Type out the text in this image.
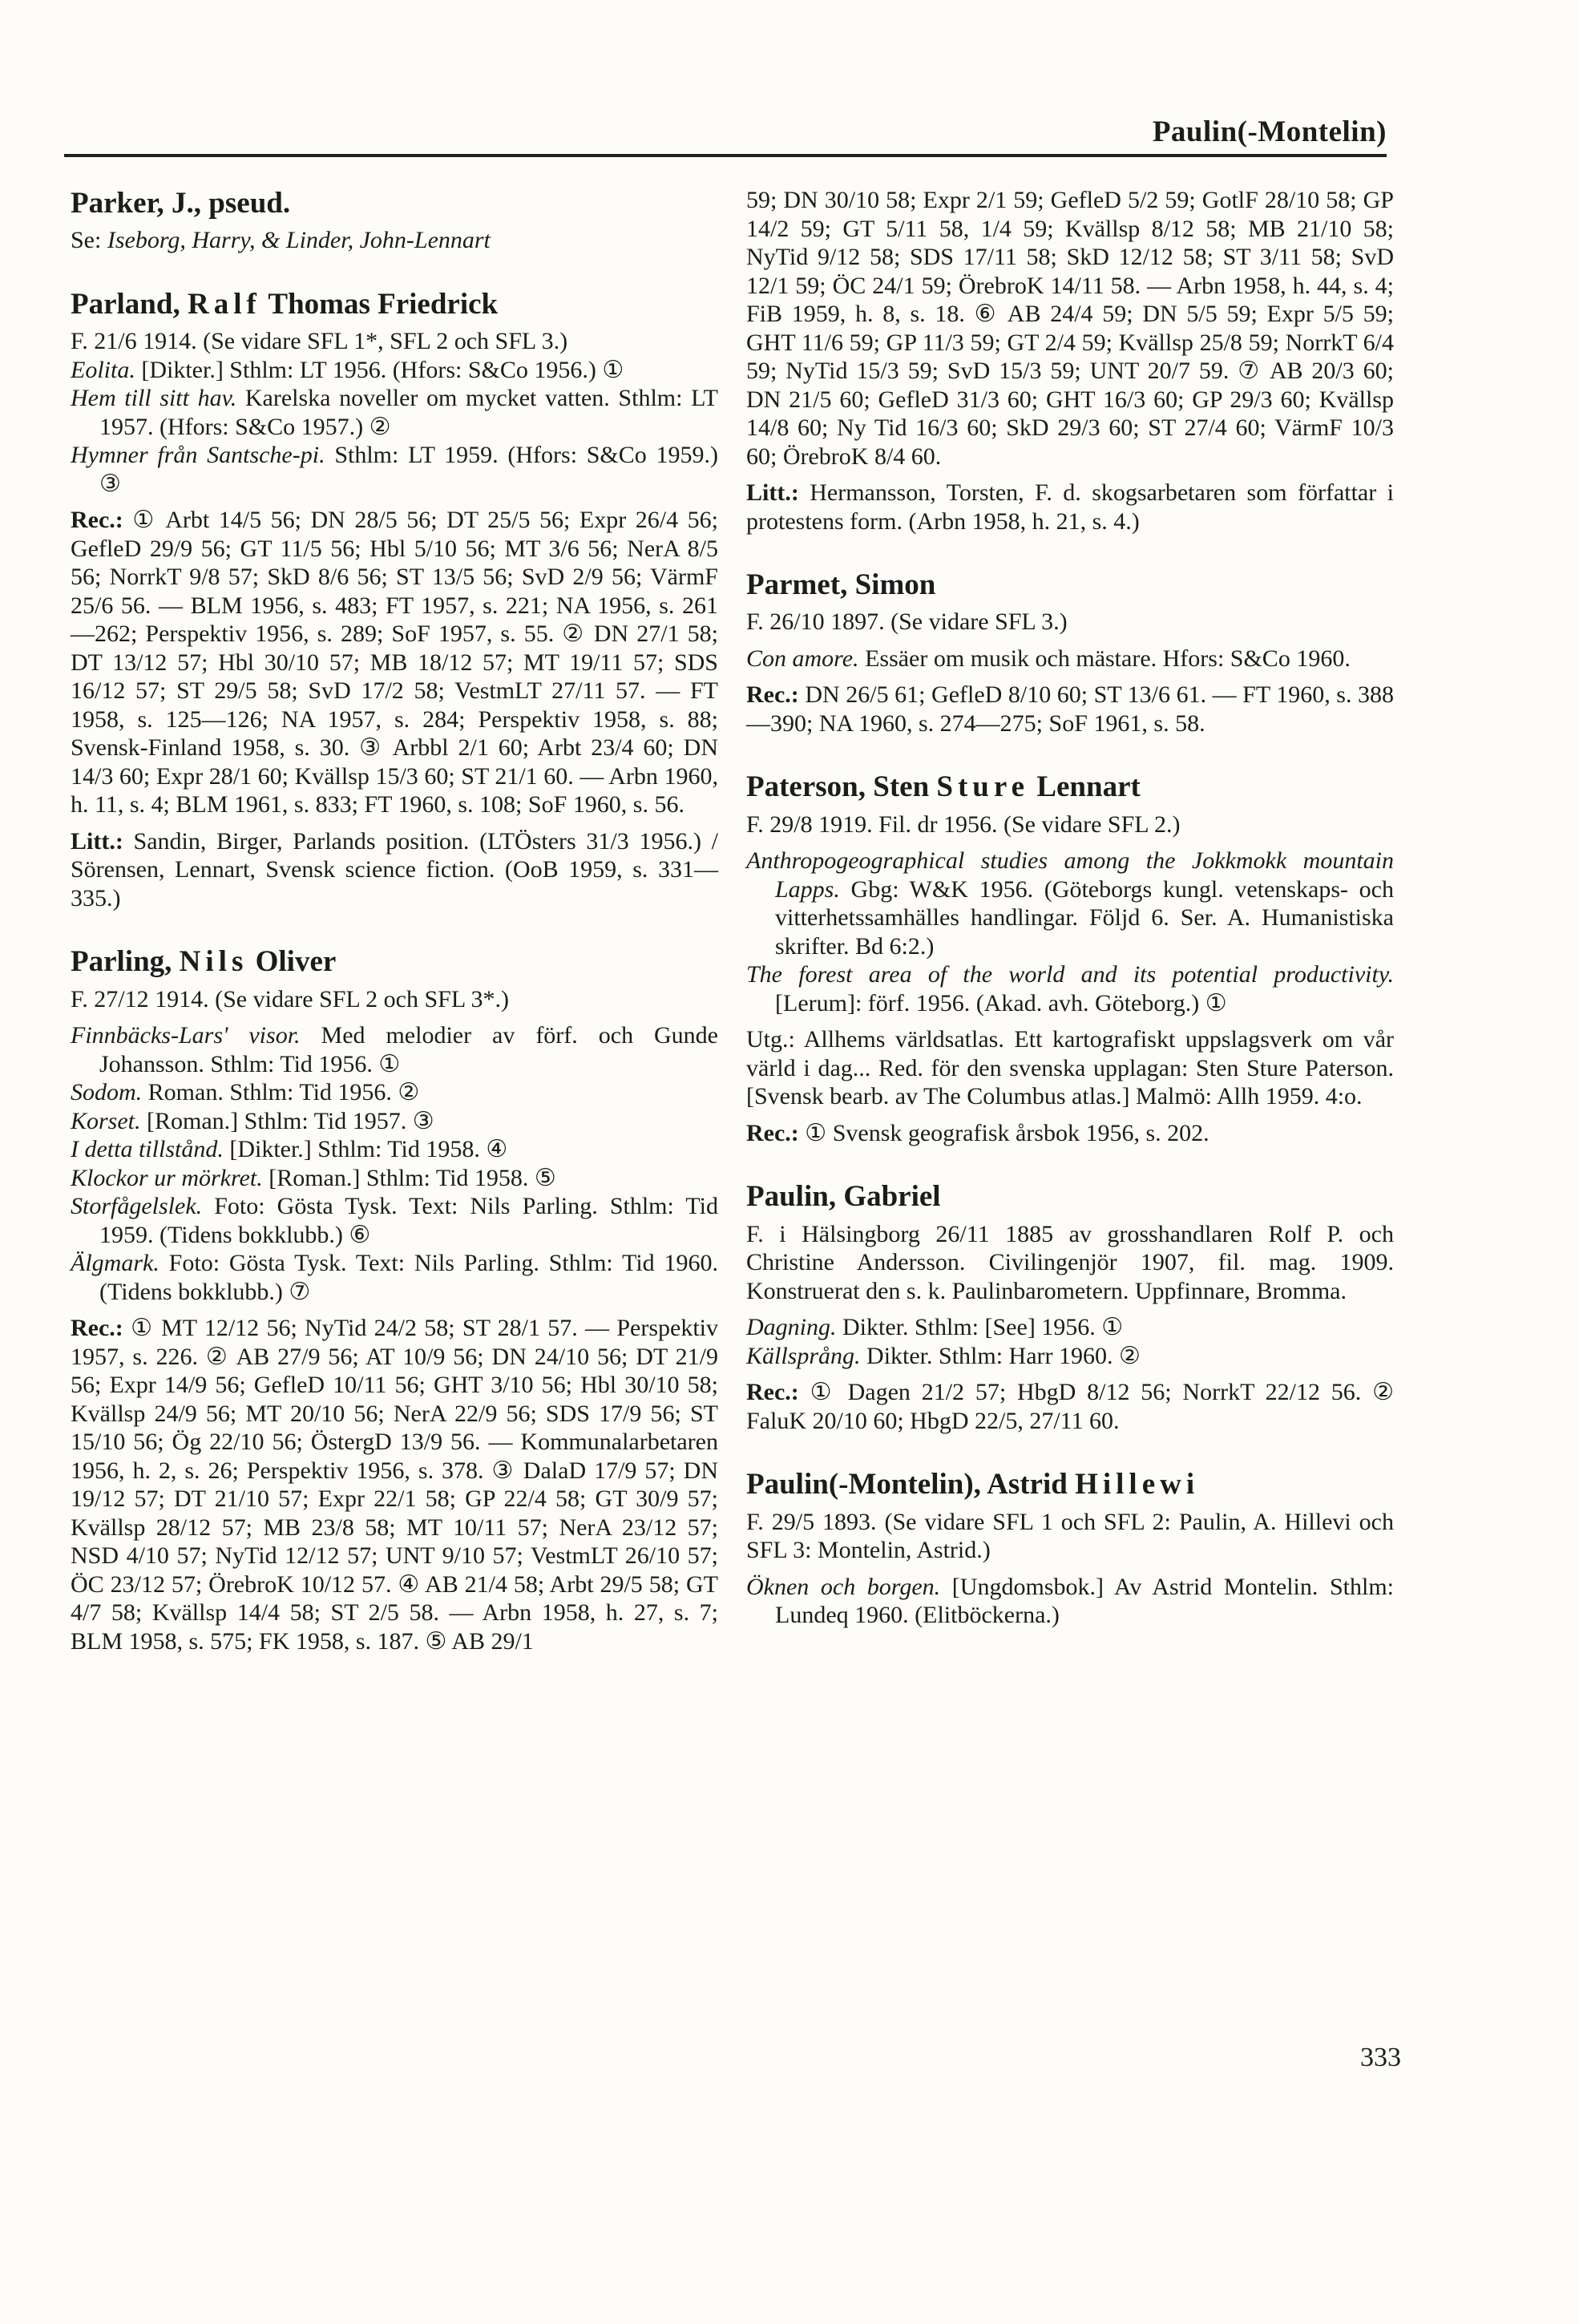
Paulin(-Montelin)
Parker, J., pseud.

Se: Iseborg, Harry, & Linder, John-Lennart

Parland, Ralf Thomas Friedrick

F. 21/6 1914. (Se vidare SFL 1*, SFL 2 och SFL 3.)

Eolita. [Dikter.] Sthlm: LT 1956. (Hfors: S&Co 1956.) ①

Hem till sitt hav. Karelska noveller om mycket vatten. Sthlm: LT 1957. (Hfors: S&Co 1957.) ②

Hymner från Santsche-pi. Sthlm: LT 1959. (Hfors: S&Co 1959.) ③

Rec.: ① Arbt 14/5 56; DN 28/5 56; DT 25/5 56; Expr 26/4 56; GefleD 29/9 56; GT 11/5 56; Hbl 5/10 56; MT 3/6 56; NerA 8/5 56; NorrkT 9/8 57; SkD 8/6 56; ST 13/5 56; SvD 2/9 56; VärmF 25/6 56. — BLM 1956, s. 483; FT 1957, s. 221; NA 1956, s. 261—262; Perspektiv 1956, s. 289; SoF 1957, s. 55. ② DN 27/1 58; DT 13/12 57; Hbl 30/10 57; MB 18/12 57; MT 19/11 57; SDS 16/12 57; ST 29/5 58; SvD 17/2 58; VestmLT 27/11 57. — FT 1958, s. 125—126; NA 1957, s. 284; Perspektiv 1958, s. 88; Svensk-Finland 1958, s. 30. ③ Arbbl 2/1 60; Arbt 23/4 60; DN 14/3 60; Expr 28/1 60; Kvällsp 15/3 60; ST 21/1 60. — Arbn 1960, h. 11, s. 4; BLM 1961, s. 833; FT 1960, s. 108; SoF 1960, s. 56.

Litt.: Sandin, Birger, Parlands position. (LTÖsters 31/3 1956.) / Sörensen, Lennart, Svensk science fiction. (OoB 1959, s. 331—335.)

Parling, Nils Oliver

F. 27/12 1914. (Se vidare SFL 2 och SFL 3*.)

Finnbäcks-Lars' visor. Med melodier av förf. och Gunde Johansson. Sthlm: Tid 1956. ①

Sodom. Roman. Sthlm: Tid 1956. ②

Korset. [Roman.] Sthlm: Tid 1957. ③

I detta tillstånd. [Dikter.] Sthlm: Tid 1958. ④

Klockor ur mörkret. [Roman.] Sthlm: Tid 1958. ⑤

Storfågelslek. Foto: Gösta Tysk. Text: Nils Parling. Sthlm: Tid 1959. (Tidens bokklubb.) ⑥

Älgmark. Foto: Gösta Tysk. Text: Nils Parling. Sthlm: Tid 1960. (Tidens bokklubb.) ⑦

Rec.: ① MT 12/12 56; NyTid 24/2 58; ST 28/1 57. — Perspektiv 1957, s. 226. ② AB 27/9 56; AT 10/9 56; DN 24/10 56; DT 21/9 56; Expr 14/9 56; GefleD 10/11 56; GHT 3/10 56; Hbl 30/10 58; Kvällsp 24/9 56; MT 20/10 56; NerA 22/9 56; SDS 17/9 56; ST 15/10 56; Ög 22/10 56; ÖstergD 13/9 56. — Kommunalarbetaren 1956, h. 2, s. 26; Perspektiv 1956, s. 378. ③ DalaD 17/9 57; DN 19/12 57; DT 21/10 57; Expr 22/1 58; GP 22/4 58; GT 30/9 57; Kvällsp 28/12 57; MB 23/8 58; MT 10/11 57; NerA 23/12 57; NSD 4/10 57; NyTid 12/12 57; UNT 9/10 57; VestmLT 26/10 57; ÖC 23/12 57; ÖrebroK 10/12 57. ④ AB 21/4 58; Arbt 29/5 58; GT 4/7 58; Kvällsp 14/4 58; ST 2/5 58. — Arbn 1958, h. 27, s. 7; BLM 1958, s. 575; FK 1958, s. 187. ⑤ AB 29/1

59; DN 30/10 58; Expr 2/1 59; GefleD 5/2 59; GotlF 28/10 58; GP 14/2 59; GT 5/11 58, 1/4 59; Kvällsp 8/12 58; MB 21/10 58; NyTid 9/12 58; SDS 17/11 58; SkD 12/12 58; ST 3/11 58; SvD 12/1 59; ÖC 24/1 59; ÖrebroK 14/11 58. — Arbn 1958, h. 44, s. 4; FiB 1959, h. 8, s. 18. ⑥ AB 24/4 59; DN 5/5 59; Expr 5/5 59; GHT 11/6 59; GP 11/3 59; GT 2/4 59; Kvällsp 25/8 59; NorrkT 6/4 59; NyTid 15/3 59; SvD 15/3 59; UNT 20/7 59. ⑦ AB 20/3 60; DN 21/5 60; GefleD 31/3 60; GHT 16/3 60; GP 29/3 60; Kvällsp 14/8 60; Ny Tid 16/3 60; SkD 29/3 60; ST 27/4 60; VärmF 10/3 60; ÖrebroK 8/4 60.

Litt.: Hermansson, Torsten, F. d. skogsarbetaren som författar i protestens form. (Arbn 1958, h. 21, s. 4.)

Parmet, Simon

F. 26/10 1897. (Se vidare SFL 3.)

Con amore. Essäer om musik och mästare. Hfors: S&Co 1960.

Rec.: DN 26/5 61; GefleD 8/10 60; ST 13/6 61. — FT 1960, s. 388—390; NA 1960, s. 274—275; SoF 1961, s. 58.

Paterson, Sten Sture Lennart

F. 29/8 1919. Fil. dr 1956. (Se vidare SFL 2.)

Anthropogeographical studies among the Jokkmokk mountain Lapps. Gbg: W&K 1956. (Göteborgs kungl. vetenskaps- och vitterhetssamhälles handlingar. Följd 6. Ser. A. Humanistiska skrifter. Bd 6:2.)

The forest area of the world and its potential productivity. [Lerum]: förf. 1956. (Akad. avh. Göteborg.) ①

Utg.: Allhems världsatlas. Ett kartografiskt uppslagsverk om vår värld i dag... Red. för den svenska upplagan: Sten Sture Paterson. [Svensk bearb. av The Columbus atlas.] Malmö: Allh 1959. 4:o.

Rec.: ① Svensk geografisk årsbok 1956, s. 202.

Paulin, Gabriel

F. i Hälsingborg 26/11 1885 av grosshandlaren Rolf P. och Christine Andersson. Civilingenjör 1907, fil. mag. 1909. Konstruerat den s. k. Paulinbarometern. Uppfinnare, Bromma.

Dagning. Dikter. Sthlm: [See] 1956. ①

Källsprång. Dikter. Sthlm: Harr 1960. ②

Rec.: ① Dagen 21/2 57; HbgD 8/12 56; NorrkT 22/12 56. ② FaluK 20/10 60; HbgD 22/5, 27/11 60.

Paulin(-Montelin), Astrid Hillewi

F. 29/5 1893. (Se vidare SFL 1 och SFL 2: Paulin, A. Hillevi och SFL 3: Montelin, Astrid.)

Öknen och borgen. [Ungdomsbok.] Av Astrid Montelin. Sthlm: Lundeq 1960. (Elitböckerna.)

333
